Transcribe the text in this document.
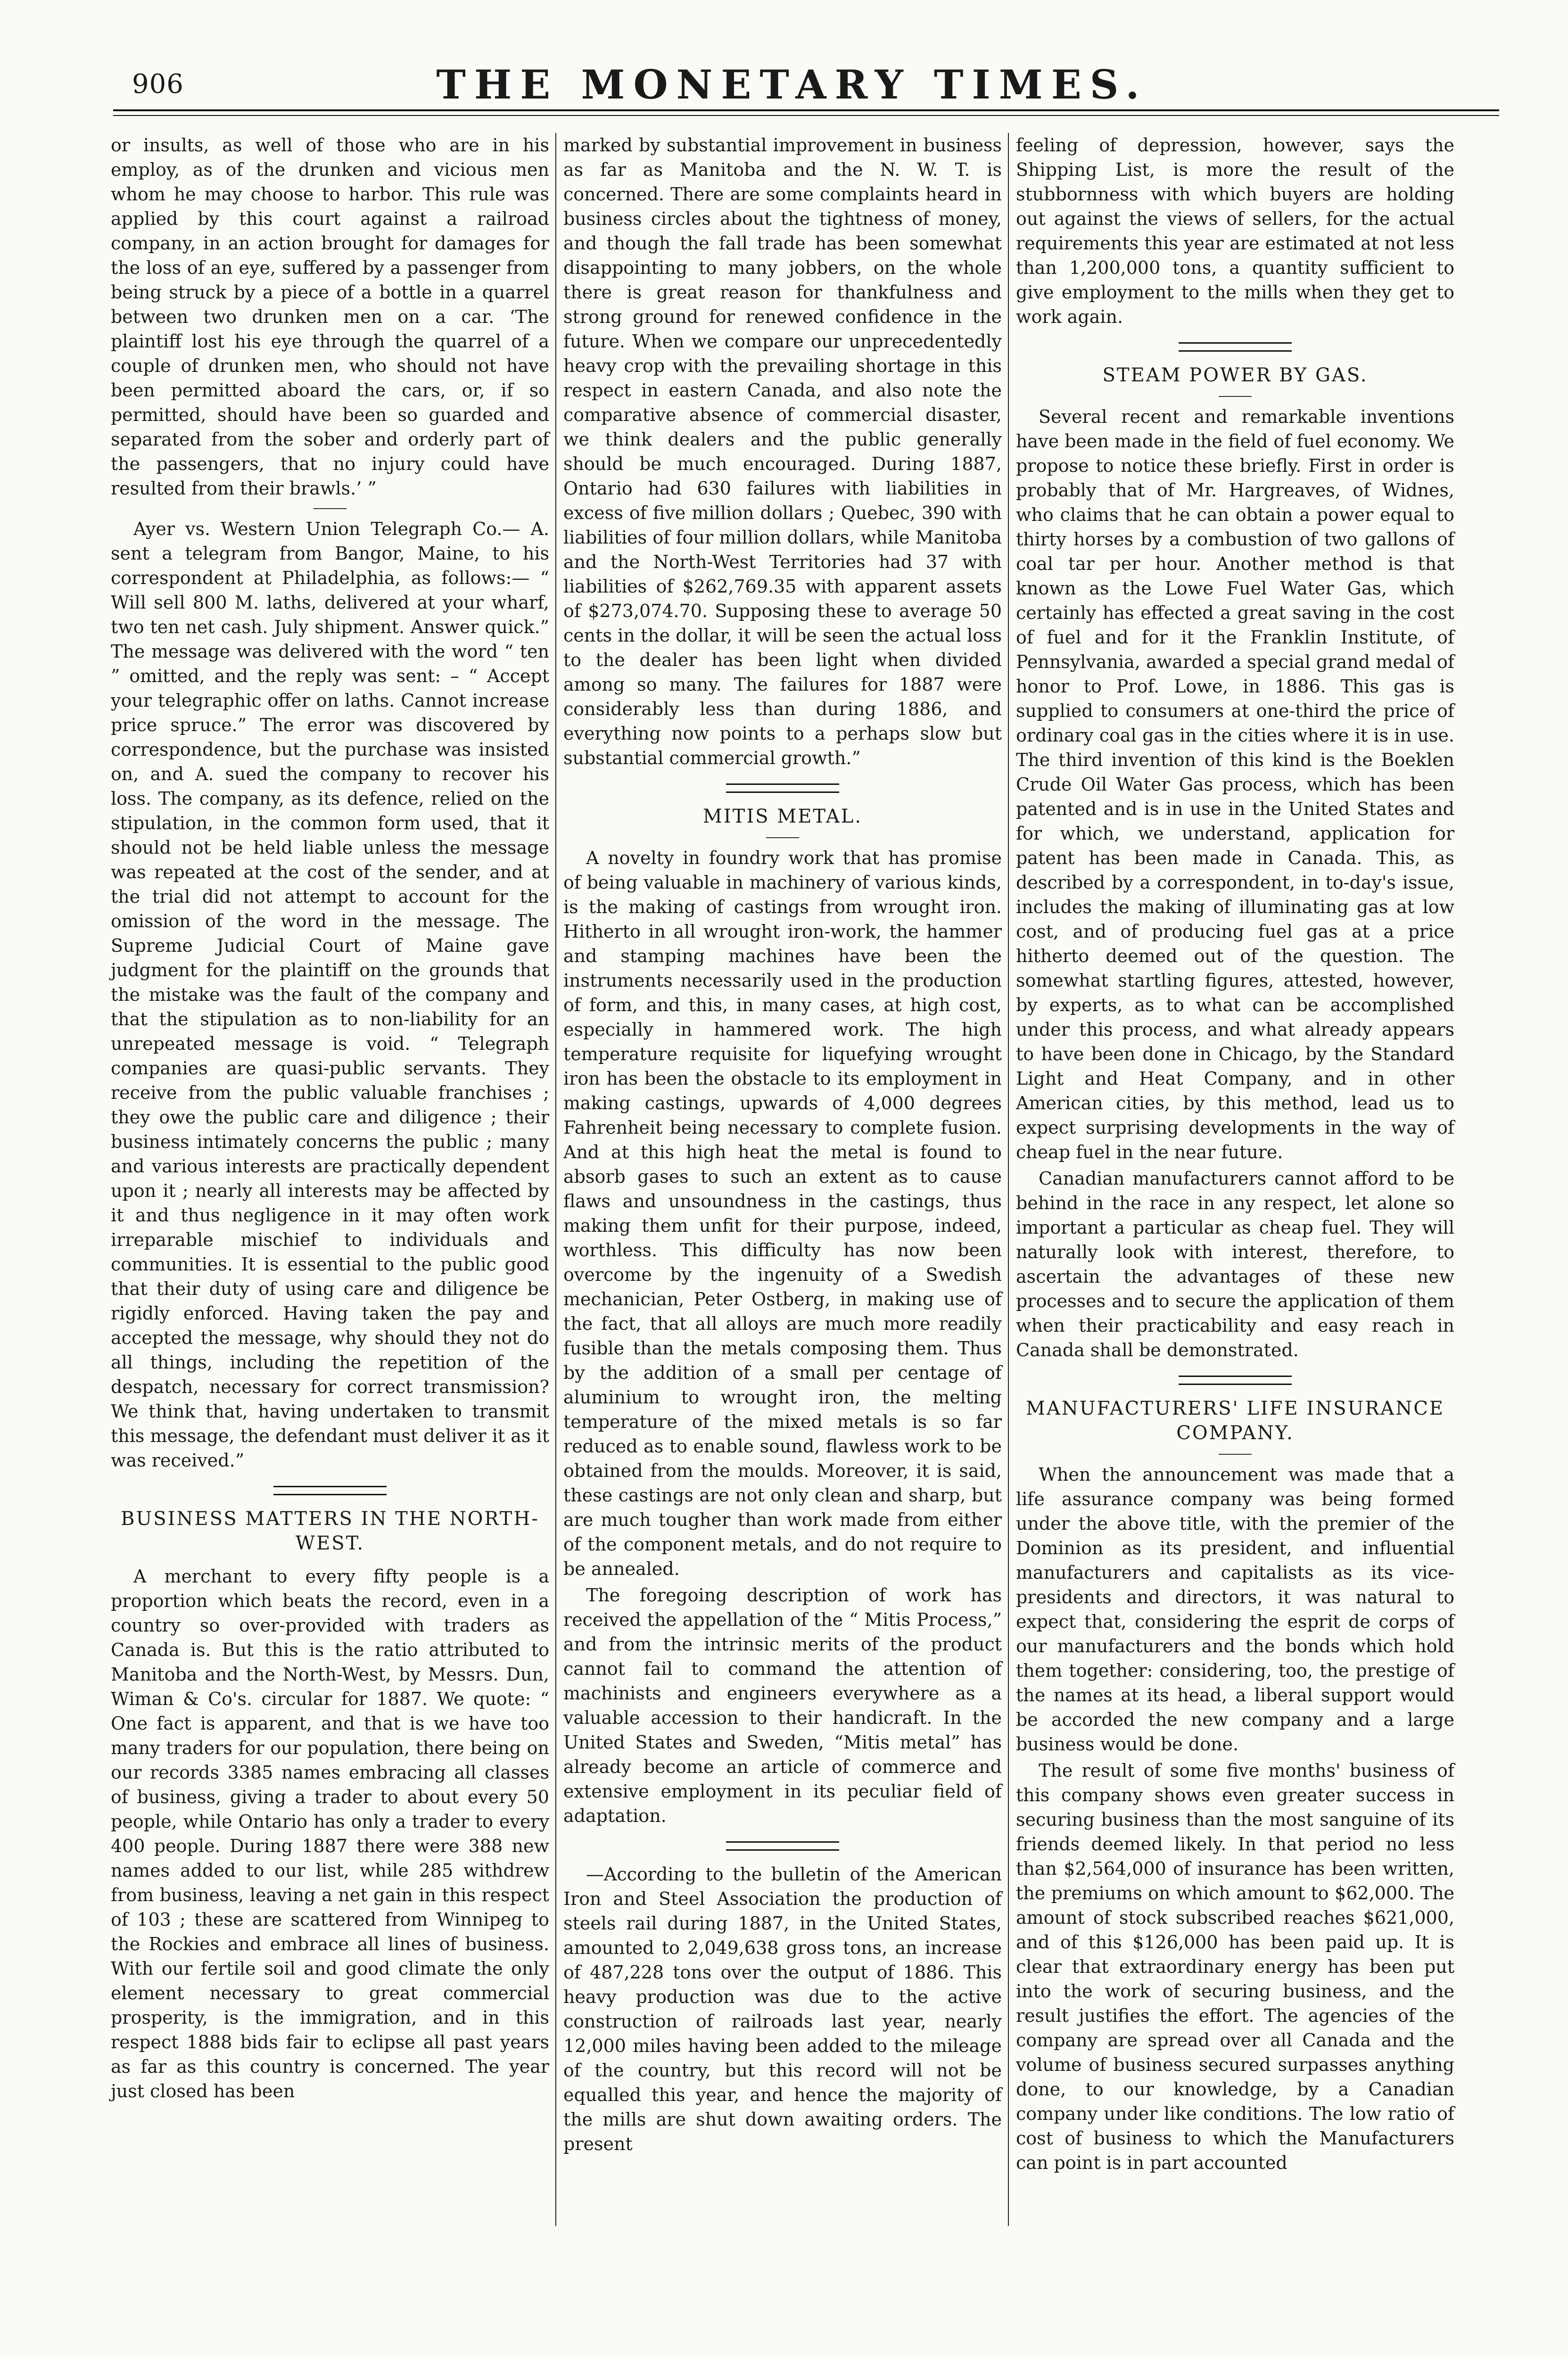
906	THE MONETARY TIMES.

or insults, as well of those who are in his employ, as of the drunken and vicious men whom he may choose to harbor. This rule was applied by this court against a railroad company, in an action brought for damages for the loss of an eye, suffered by a passenger from being struck by a piece of a bottle in a quarrel between two drunken men on a car. ‘The plaintiff lost his eye through the quarrel of a couple of drunken men, who should not have been permitted aboard the cars, or, if so permitted, should have been so guarded and separated from the sober and orderly part of the passengers, that no injury could have resulted from their brawls.’ ”

Ayer vs. Western Union Telegraph Co.— A. sent a telegram from Bangor, Maine, to his correspondent at Philadelphia, as follows:— “ Will sell 800 M. laths, delivered at your wharf, two ten net cash. July shipment. Answer quick.” The message was delivered with the word “ ten ” omitted, and the reply was sent: – “ Accept your telegraphic offer on laths. Cannot increase price spruce.” The error was discovered by correspondence, but the purchase was insisted on, and A. sued the company to recover his loss. The company, as its defence, relied on the stipulation, in the common form used, that it should not be held liable unless the message was repeated at the cost of the sender, and at the trial did not attempt to account for the omission of the word in the message. The Supreme Judicial Court of Maine gave judgment for the plaintiff on the grounds that the mistake was the fault of the company and that the stipulation as to non-liability for an unrepeated message is void. “ Telegraph companies are quasi-public servants. They receive from the public valuable franchises ; they owe the public care and diligence ; their business intimately concerns the public ; many and various interests are practically dependent upon it ; nearly all interests may be affected by it and thus negligence in it may often work irreparable mischief to individuals and communities. It is essential to the public good that their duty of using care and diligence be rigidly enforced. Having taken the pay and accepted the message, why should they not do all things, including the repetition of the despatch, necessary for correct transmission? We think that, having undertaken to transmit this message, the defendant must deliver it as it was received.”

BUSINESS MATTERS IN THE NORTH-WEST.

A merchant to every fifty people is a proportion which beats the record, even in a country so over-provided with traders as Canada is. But this is the ratio attributed to Manitoba and the North-West, by Messrs. Dun, Wiman & Co's. circular for 1887. We quote: “ One fact is apparent, and that is we have too many traders for our population, there being on our records 3385 names embracing all classes of business, giving a trader to about every 50 people, while Ontario has only a trader to every 400 people. During 1887 there were 388 new names added to our list, while 285 withdrew from business, leaving a net gain in this respect of 103 ; these are scattered from Winnipeg to the Rockies and embrace all lines of business. With our fertile soil and good climate the only element necessary to great commercial prosperity, is the immigration, and in this respect 1888 bids fair to eclipse all past years as far as this country is concerned. The year just closed has been

marked by substantial improvement in business as far as Manitoba and the N. W. T. is concerned. There are some complaints heard in business circles about the tightness of money, and though the fall trade has been somewhat disappointing to many jobbers, on the whole there is great reason for thankfulness and strong ground for renewed confidence in the future. When we compare our unprecedentedly heavy crop with the prevailing shortage in this respect in eastern Canada, and also note the comparative absence of commercial disaster, we think dealers and the public generally should be much encouraged. During 1887, Ontario had 630 failures with liabilities in excess of five million dollars ; Quebec, 390 with liabilities of four million dollars, while Manitoba and the North-West Territories had 37 with liabilities of $262,769.35 with apparent assets of $273,074.70. Supposing these to average 50 cents in the dollar, it will be seen the actual loss to the dealer has been light when divided among so many. The failures for 1887 were considerably less than during 1886, and everything now points to a perhaps slow but substantial commercial growth.”

MITIS METAL.

A novelty in foundry work that has promise of being valuable in machinery of various kinds, is the making of castings from wrought iron. Hitherto in all wrought iron-work, the hammer and stamping machines have been the instruments necessarily used in the production of form, and this, in many cases, at high cost, especially in hammered work. The high temperature requisite for liquefying wrought iron has been the obstacle to its employment in making castings, upwards of 4,000 degrees Fahrenheit being necessary to complete fusion. And at this high heat the metal is found to absorb gases to such an extent as to cause flaws and unsoundness in the castings, thus making them unfit for their purpose, indeed, worthless. This difficulty has now been overcome by the ingenuity of a Swedish mechanician, Peter Ostberg, in making use of the fact, that all alloys are much more readily fusible than the metals composing them. Thus by the addition of a small per centage of aluminium to wrought iron, the melting temperature of the mixed metals is so far reduced as to enable sound, flawless work to be obtained from the moulds. Moreover, it is said, these castings are not only clean and sharp, but are much tougher than work made from either of the component metals, and do not require to be annealed.

The foregoing description of work has received the appellation of the “ Mitis Process,” and from the intrinsic merits of the product cannot fail to command the attention of machinists and engineers everywhere as a valuable accession to their handicraft. In the United States and Sweden, “Mitis metal” has already become an article of commerce and extensive employment in its peculiar field of adaptation.

—According to the bulletin of the American Iron and Steel Association the production of steels rail during 1887, in the United States, amounted to 2,049,638 gross tons, an increase of 487,228 tons over the output of 1886. This heavy production was due to the active construction of railroads last year, nearly 12,000 miles having been added to the mileage of the country, but this record will not be equalled this year, and hence the majority of the mills are shut down awaiting orders. The present

feeling of depression, however, says the Shipping List, is more the result of the stubbornness with which buyers are holding out against the views of sellers, for the actual requirements this year are estimated at not less than 1,200,000 tons, a quantity sufficient to give employment to the mills when they get to work again.

STEAM POWER BY GAS.

Several recent and remarkable inventions have been made in the field of fuel economy. We propose to notice these briefly. First in order is probably that of Mr. Hargreaves, of Widnes, who claims that he can obtain a power equal to thirty horses by a combustion of two gallons of coal tar per hour. Another method is that known as the Lowe Fuel Water Gas, which certainly has effected a great saving in the cost of fuel and for it the Franklin Institute, of Pennsylvania, awarded a special grand medal of honor to Prof. Lowe, in 1886. This gas is supplied to consumers at one-third the price of ordinary coal gas in the cities where it is in use. The third invention of this kind is the Boeklen Crude Oil Water Gas process, which has been patented and is in use in the United States and for which, we understand, application for patent has been made in Canada. This, as described by a correspondent, in to-day's issue, includes the making of illuminating gas at low cost, and of producing fuel gas at a price hitherto deemed out of the question. The somewhat startling figures, attested, however, by experts, as to what can be accomplished under this process, and what already appears to have been done in Chicago, by the Standard Light and Heat Company, and in other American cities, by this method, lead us to expect surprising developments in the way of cheap fuel in the near future.

Canadian manufacturers cannot afford to be behind in the race in any respect, let alone so important a particular as cheap fuel. They will naturally look with interest, therefore, to ascertain the advantages of these new processes and to secure the application of them when their practicability and easy reach in Canada shall be demonstrated.

MANUFACTURERS' LIFE INSURANCE COMPANY.

When the announcement was made that a life assurance company was being formed under the above title, with the premier of the Dominion as its president, and influential manufacturers and capitalists as its vice-presidents and directors, it was natural to expect that, considering the esprit de corps of our manufacturers and the bonds which hold them together: considering, too, the prestige of the names at its head, a liberal support would be accorded the new company and a large business would be done.

The result of some five months' business of this company shows even greater success in securing business than the most sanguine of its friends deemed likely. In that period no less than $2,564,000 of insurance has been written, the premiums on which amount to $62,000. The amount of stock subscribed reaches $621,000, and of this $126,000 has been paid up. It is clear that extraordinary energy has been put into the work of securing business, and the result justifies the effort. The agencies of the company are spread over all Canada and the volume of business secured surpasses anything done, to our knowledge, by a Canadian company under like conditions. The low ratio of cost of business to which the Manufacturers can point is in part accounted
